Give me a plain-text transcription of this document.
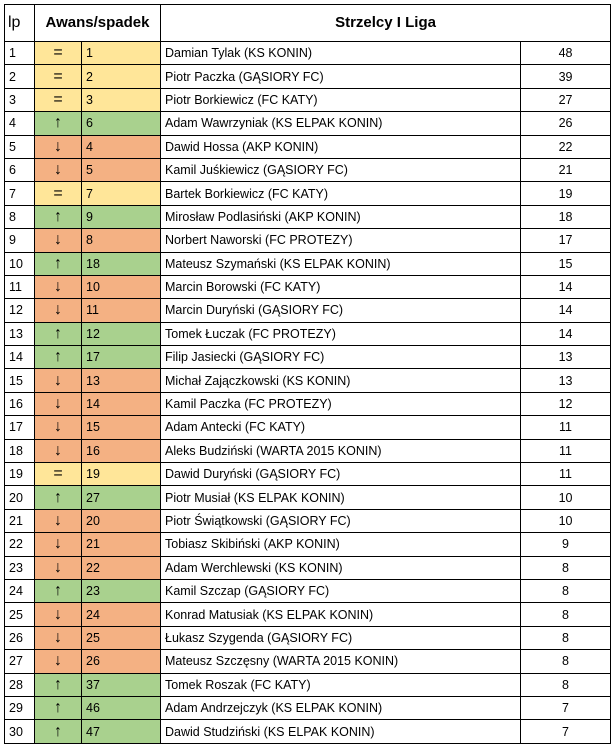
lp	Awans/spadek		Strzelcy I Liga	
1	=	1	Damian Tylak (KS KONIN)	48
2	=	2	Piotr Paczka (GĄSIORY FC)	39
3	=	3	Piotr Borkiewicz (FC KATY)	27
4	↑	6	Adam Wawrzyniak (KS ELPAK KONIN)	26
5	↓	4	Dawid Hossa (AKP KONIN)	22
6	↓	5	Kamil Juśkiewicz (GĄSIORY FC)	21
7	=	7	Bartek Borkiewicz (FC KATY)	19
8	↑	9	Mirosław Podlasiński (AKP KONIN)	18
9	↓	8	Norbert Naworski (FC PROTEZY)	17
10	↑	18	Mateusz Szymański (KS ELPAK KONIN)	15
11	↓	10	Marcin Borowski (FC KATY)	14
12	↓	11	Marcin Duryński (GĄSIORY FC)	14
13	↑	12	Tomek Łuczak (FC PROTEZY)	14
14	↑	17	Filip Jasiecki (GĄSIORY FC)	13
15	↓	13	Michał Zajączkowski (KS KONIN)	13
16	↓	14	Kamil Paczka (FC PROTEZY)	12
17	↓	15	Adam Antecki (FC KATY)	11
18	↓	16	Aleks Budziński (WARTA 2015 KONIN)	11
19	=	19	Dawid Duryński (GĄSIORY FC)	11
20	↑	27	Piotr Musiał (KS ELPAK KONIN)	10
21	↓	20	Piotr Świątkowski (GĄSIORY FC)	10
22	↓	21	Tobiasz Skibiński (AKP KONIN)	9
23	↓	22	Adam Werchlewski (KS KONIN)	8
24	↑	23	Kamil Szczap (GĄSIORY FC)	8
25	↓	24	Konrad Matusiak (KS ELPAK KONIN)	8
26	↓	25	Łukasz Szygenda (GĄSIORY FC)	8
27	↓	26	Mateusz Szczęsny (WARTA 2015 KONIN)	8
28	↑	37	Tomek Roszak (FC KATY)	8
29	↑	46	Adam Andrzejczyk (KS ELPAK KONIN)	7
30	↑	47	Dawid Studziński (KS ELPAK KONIN)	7
